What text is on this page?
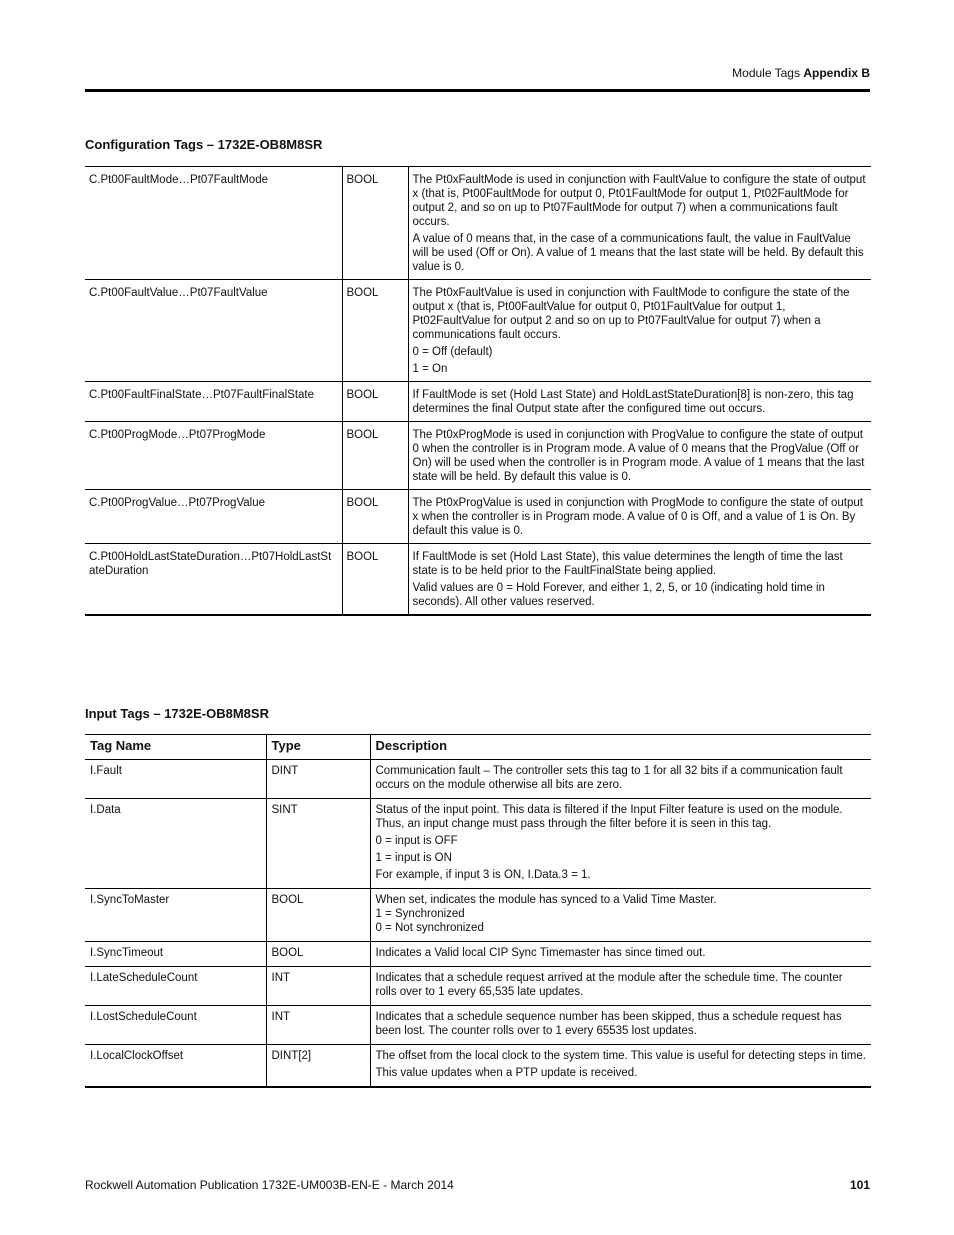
Module Tags Appendix B
Configuration Tags – 1732E-OB8M8SR
C.Pt00FaultMode…Pt07FaultMode	BOOL	The Pt0xFaultMode is used in conjunction with FaultValue to configure the state of output x (that is, Pt00FaultMode for output 0, Pt01FaultMode for output 1, Pt02FaultMode for output 2, and so on up to Pt07FaultMode for output 7) when a communications fault occurs.
A value of 0 means that, in the case of a communications fault, the value in FaultValue will be used (Off or On). A value of 1 means that the last state will be held. By default this value is 0.

C.Pt00FaultValue…Pt07FaultValue	BOOL	The Pt0xFaultValue is used in conjunction with FaultMode to configure the state of the output x (that is, Pt00FaultValue for output 0, Pt01FaultValue for output 1, Pt02FaultValue for output 2 and so on up to Pt07FaultValue for output 7) when a communications fault occurs.
0 = Off (default)
1 = On

C.Pt00FaultFinalState…Pt07FaultFinalState	BOOL	If FaultMode is set (Hold Last State) and HoldLastStateDuration[8] is non-zero, this tag determines the final Output state after the configured time out occurs.

C.Pt00ProgMode…Pt07ProgMode	BOOL	The Pt0xProgMode is used in conjunction with ProgValue to configure the state of output 0 when the controller is in Program mode. A value of 0 means that the ProgValue (Off or On) will be used when the controller is in Program mode. A value of 1 means that the last state will be held. By default this value is 0.

C.Pt00ProgValue…Pt07ProgValue	BOOL	The Pt0xProgValue is used in conjunction with ProgMode to configure the state of output x when the controller is in Program mode. A value of 0 is Off, and a value of 1 is On. By default this value is 0.

C.Pt00HoldLastStateDuration…Pt07HoldLastStateDuration	BOOL	If FaultMode is set (Hold Last State), this value determines the length of time the last state is to be held prior to the FaultFinalState being applied.
Valid values are 0 = Hold Forever, and either 1, 2, 5, or 10 (indicating hold time in seconds). All other values reserved.
Input Tags – 1732E-OB8M8SR
Tag Name	Type	Description
I.Fault	DINT	Communication fault – The controller sets this tag to 1 for all 32 bits if a communication fault occurs on the module otherwise all bits are zero.

I.Data	SINT	Status of the input point. This data is filtered if the Input Filter feature is used on the module. Thus, an input change must pass through the filter before it is seen in this tag.
0 = input is OFF
1 = input is ON
For example, if input 3 is ON, I.Data.3 = 1.

I.SyncToMaster	BOOL	When set, indicates the module has synced to a Valid Time Master.
1 = Synchronized
0 = Not synchronized

I.SyncTimeout	BOOL	Indicates a Valid local CIP Sync Timemaster has since timed out.

I.LateScheduleCount	INT	Indicates that a schedule request arrived at the module after the schedule time. The counter rolls over to 1 every 65,535 late updates.

I.LostScheduleCount	INT	Indicates that a schedule sequence number has been skipped, thus a schedule request has been lost. The counter rolls over to 1 every 65535 lost updates.

I.LocalClockOffset	DINT[2]	The offset from the local clock to the system time. This value is useful for detecting steps in time.
This value updates when a PTP update is received.
Rockwell Automation Publication 1732E-UM003B-EN-E - March 2014	101
